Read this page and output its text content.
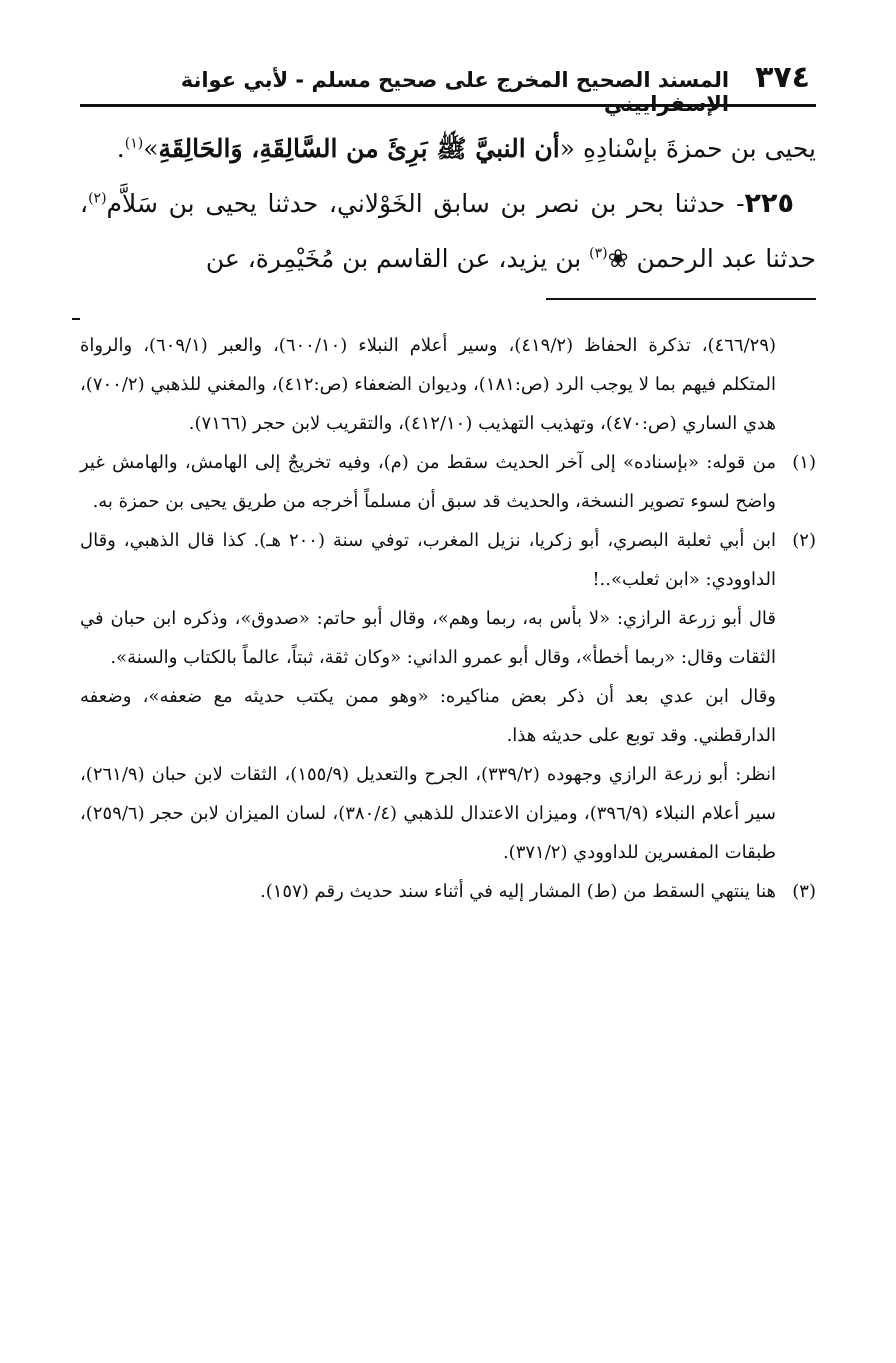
٣٧٤
المسند الصحيح المخرج على صحيح مسلم - لأبي عوانة الإسفراييني

يحيى بن حمزةَ بإسْنادِهِ «أن النبيَّ ﷺ بَرِئَ من السَّالِقَةِ، وَالحَالِقَةِ»$^{(١)}$.

٢٢٥- حدثنا بحر بن نصر بن سابق الخَوْلاني، حدثنا يحيى بن سَلاَّم$^{(٢)}$، حدثنا عبد الرحمن ❀$^{(٣)}$ بن يزيد، عن القاسم بن مُخَيْمِرة، عن

(٤٦٦/٢٩)، تذكرة الحفاظ (٤١٩/٢)، وسير أعلام النبلاء (٦٠٠/١٠)، والعبر (٦٠٩/١)، والرواة المتكلم فيهم بما لا يوجب الرد (ص:١٨١)، وديوان الضعفاء (ص:٤١٢)، والمغني للذهبي (٧٠٠/٢)، هدي الساري (ص:٤٧٠)، وتهذيب التهذيب (٤١٢/١٠)، والتقريب لابن حجر (٧١٦٦).

(١)
من قوله: «بإسناده» إلى آخر الحديث سقط من (م)، وفيه تخريجٌ إلى الهامش، والهامش غير واضح لسوء تصوير النسخة، والحديث قد سبق أن مسلماً أخرجه من طريق يحيى بن حمزة به.

(٢)
ابن أبي ثعلبة البصري، أبو زكريا، نزيل المغرب، توفي سنة (٢٠٠ هـ). كذا قال الذهبي، وقال الداوودي: «ابن ثعلب»..!

قال أبو زرعة الرازي: «لا بأس به، ربما وهم»، وقال أبو حاتم: «صدوق»، وذكره ابن حبان في الثقات وقال: «ربما أخطأ»، وقال أبو عمرو الداني: «وكان ثقة، ثبتاً، عالماً بالكتاب والسنة».

وقال ابن عدي بعد أن ذكر بعض مناكيره: «وهو ممن يكتب حديثه مع ضعفه»، وضعفه الدارقطني. وقد توبع على حديثه هذا.

انظر: أبو زرعة الرازي وجهوده (٣٣٩/٢)، الجرح والتعديل (١٥٥/٩)، الثقات لابن حبان (٢٦١/٩)، سير أعلام النبلاء (٣٩٦/٩)، وميزان الاعتدال للذهبي (٣٨٠/٤)، لسان الميزان لابن حجر (٢٥٩/٦)، طبقات المفسرين للداوودي (٣٧١/٢).

(٣)
هنا ينتهي السقط من (ط) المشار إليه في أثناء سند حديث رقم (١٥٧).
